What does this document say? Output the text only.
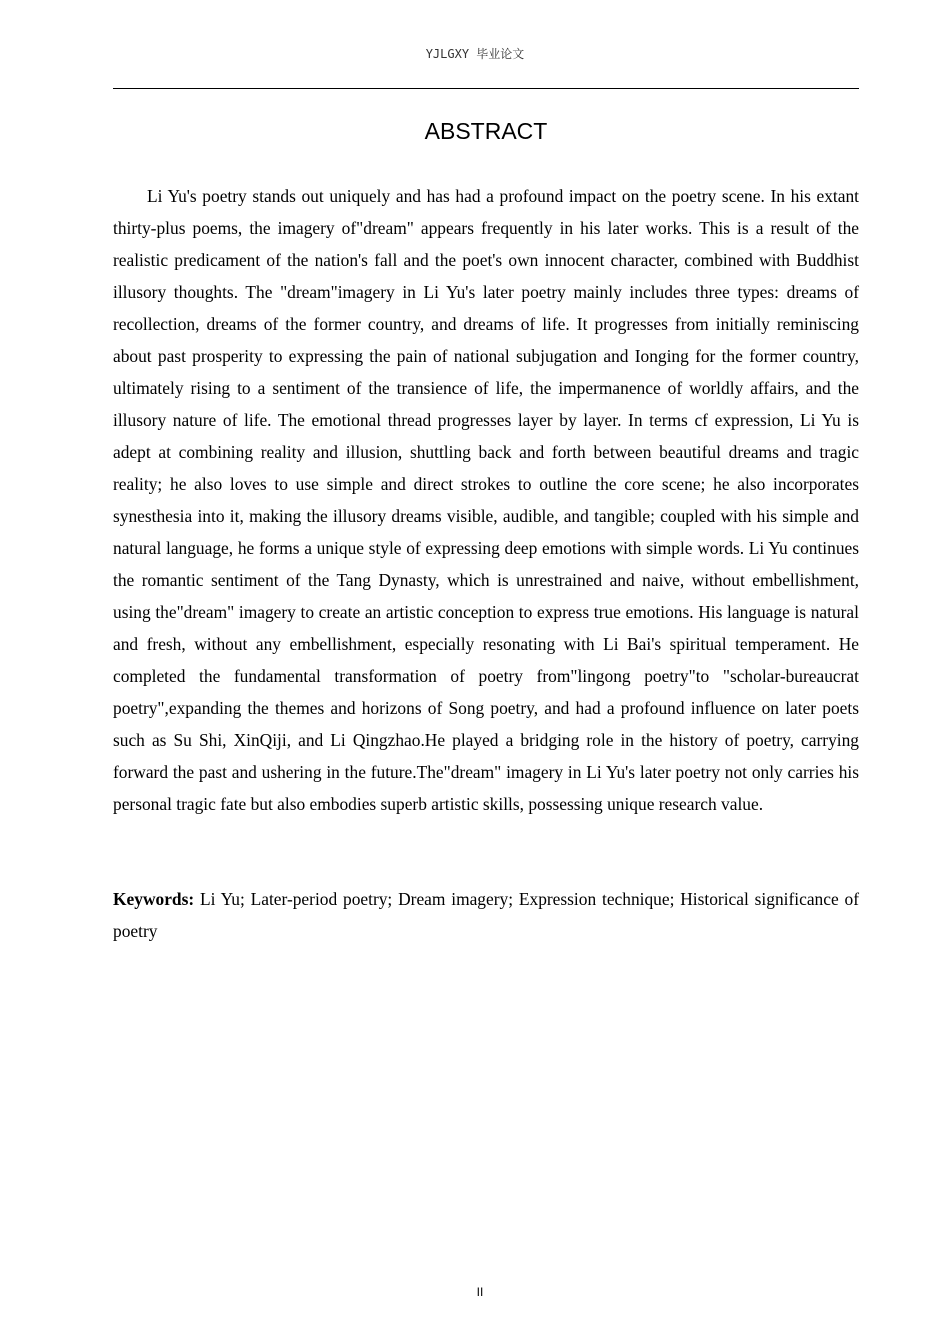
YJLGXY 毕业论文
ABSTRACT

Li Yu's poetry stands out uniquely and has had a profound impact on the poetry scene. In his extant thirty-plus poems, the imagery of"dream" appears frequently in his later works. This is a result of the realistic predicament of the nation's fall and the poet's own innocent character, combined with Buddhist illusory thoughts. The "dream"imagery in Li Yu's later poetry mainly includes three types: dreams of recollection, dreams of the former country, and dreams of life. It progresses from initially reminiscing about past prosperity to expressing the pain of national subjugation and Ionging for the former country, ultimately rising to a sentiment of the transience of life, the impermanence of worldly affairs, and the illusory nature of life. The emotional thread progresses layer by layer. In terms cf expression, Li Yu is adept at combining reality and illusion, shuttling back and forth between beautiful dreams and tragic reality; he also loves to use simple and direct strokes to outline the core scene; he also incorporates synesthesia into it, making the illusory dreams visible, audible, and tangible; coupled with his simple and natural language, he forms a unique style of expressing deep emotions with simple words. Li Yu continues the romantic sentiment of the Tang Dynasty, which is unrestrained and naive, without embellishment, using the"dream" imagery to create an artistic conception to express true emotions. His language is natural and fresh, without any embellishment, especially resonating with Li Bai's spiritual temperament. He completed the fundamental transformation of poetry from"lingong poetry"to "scholar-bureaucrat poetry",expanding the themes and horizons of Song poetry, and had a profound influence on later poets such as Su Shi, XinQiji, and Li Qingzhao.He played a bridging role in the history of poetry, carrying forward the past and ushering in the future.The"dream" imagery in Li Yu's later poetry not only carries his personal tragic fate but also embodies superb artistic skills, possessing unique research value.

Keywords: Li Yu; Later-period poetry; Dream imagery; Expression technique; Historical significance of poetry

II
